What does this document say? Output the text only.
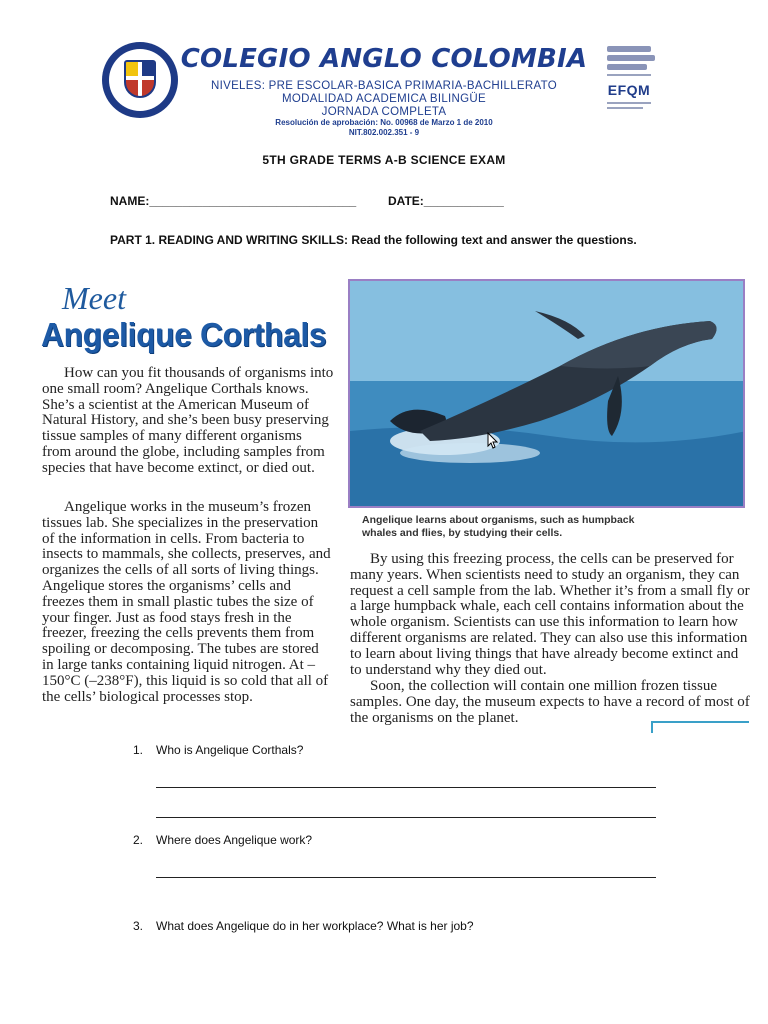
COLEGIO ANGLO COLOMBIA
NIVELES: PRE ESCOLAR-BASICA PRIMARIA-BACHILLERATO
MODALIDAD ACADEMICA BILINGÜE
JORNADA COMPLETA
Resolución de aprobación: No. 00968 de Marzo 1 de 2010
NIT.802.002.351 - 9
EFQM
5TH GRADE TERMS A-B SCIENCE EXAM
NAME:_______________________________	DATE:____________
PART 1. READING AND WRITING SKILLS: Read the following text and answer the questions.
Meet
Angelique Corthals
How can you fit thousands of organisms into one small room? Angelique Corthals knows. She’s a scientist at the American Museum of Natural History, and she’s been busy preserving tissue samples of many different organisms from around the globe, including samples from species that have become extinct, or died out.
Angelique works in the museum’s frozen tissues lab. She specializes in the preservation of the information in cells. From bacteria to insects to mammals, she collects, preserves, and organizes the cells of all sorts of living things. Angelique stores the organisms’ cells and freezes them in small plastic tubes the size of your finger. Just as food stays fresh in the freezer, freezing the cells prevents them from spoiling or decomposing. The tubes are stored in large tanks containing liquid nitrogen. At –150°C (–238°F), this liquid is so cold that all of the cells’ biological processes stop.
Angelique learns about organisms, such as humpback whales and flies, by studying their cells.
By using this freezing process, the cells can be preserved for many years. When scientists need to study an organism, they can request a cell sample from the lab. Whether it’s from a small fly or a large humpback whale, each cell contains information about the whole organism. Scientists can use this information to learn how different organisms are related. They can also use this information to learn about living things that have already become extinct and to understand why they died out.
Soon, the collection will contain one million frozen tissue samples. One day, the museum expects to have a record of most of the organisms on the planet.
1. Who is Angelique Corthals?
2. Where does Angelique work?
3. What does Angelique do in her workplace? What is her job?
